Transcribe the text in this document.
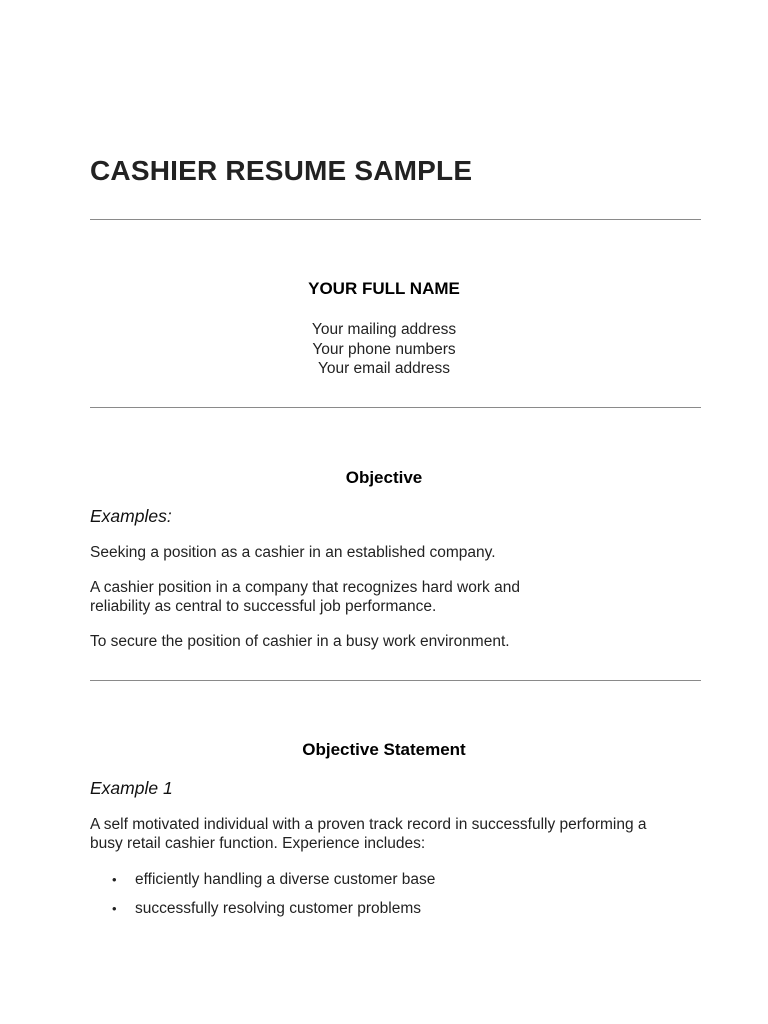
CASHIER RESUME SAMPLE
YOUR FULL NAME
Your mailing address
Your phone numbers
Your email address
Objective
Examples:
Seeking a position as a cashier in an established company.
A cashier position in a company that recognizes hard work and
reliability as central to successful job performance.
To secure the position of cashier in a busy work environment.
Objective Statement
Example 1
A self motivated individual with a proven track record in successfully performing a
busy retail cashier function. Experience includes:
• efficiently handling a diverse customer base
• successfully resolving customer problems
